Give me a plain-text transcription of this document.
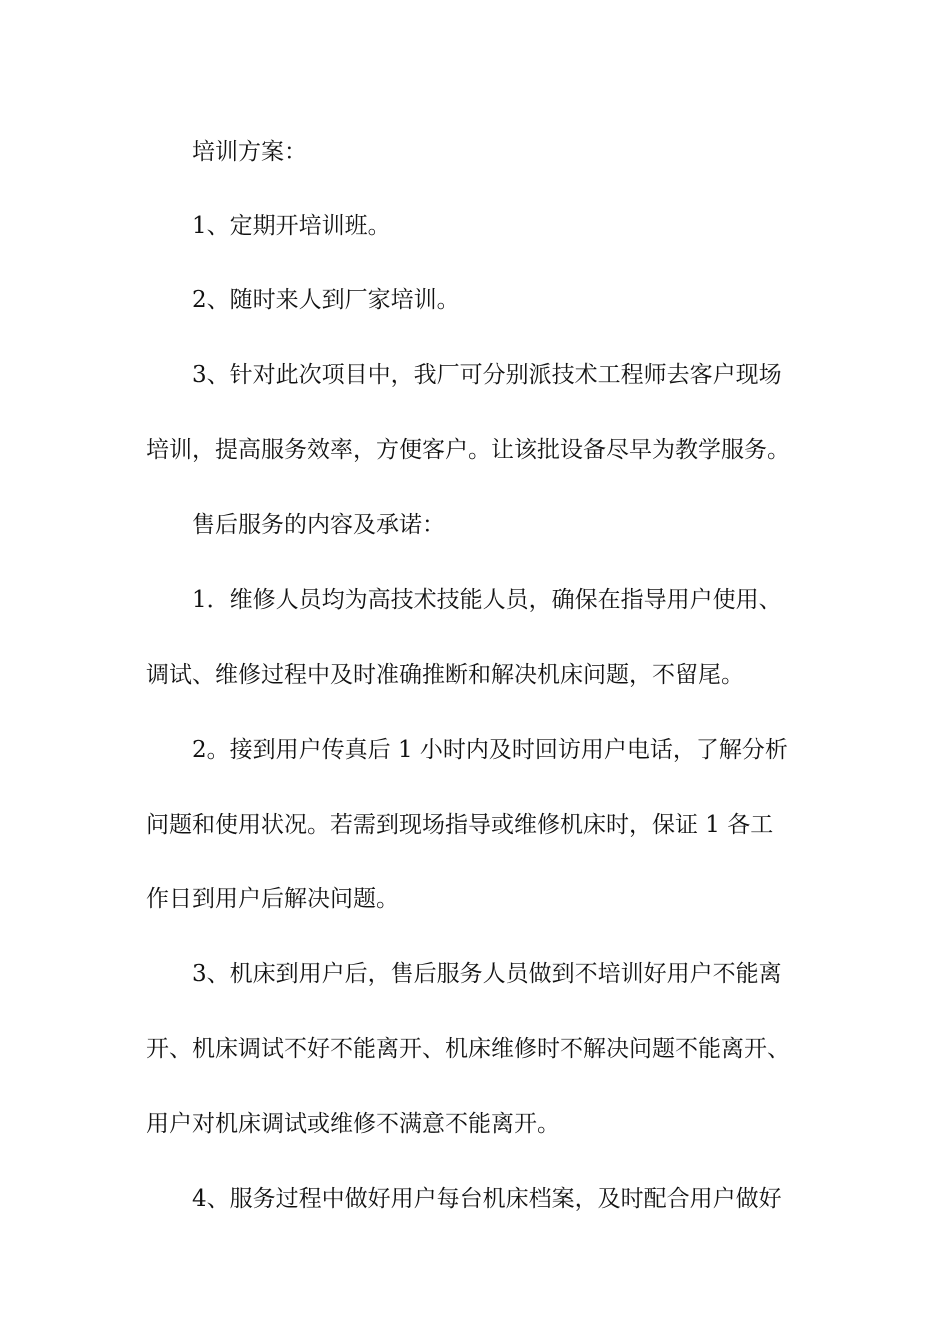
培训方案：
1、定期开培训班。
2、随时来人到厂家培训。
3、针对此次项目中，我厂可分别派技术工程师去客户现场
培训，提高服务效率，方便客户。让该批设备尽早为教学服务。
售后服务的内容及承诺：
1．维修人员均为高技术技能人员，确保在指导用户使用、
调试、维修过程中及时准确推断和解决机床问题，不留尾。
2。接到用户传真后 1 小时内及时回访用户电话，了解分析
问题和使用状况。若需到现场指导或维修机床时，保证 1 各工
作日到用户后解决问题。
3、机床到用户后，售后服务人员做到不培训好用户不能离
开、机床调试不好不能离开、机床维修时不解决问题不能离开、
用户对机床调试或维修不满意不能离开。
4、服务过程中做好用户每台机床档案，及时配合用户做好
